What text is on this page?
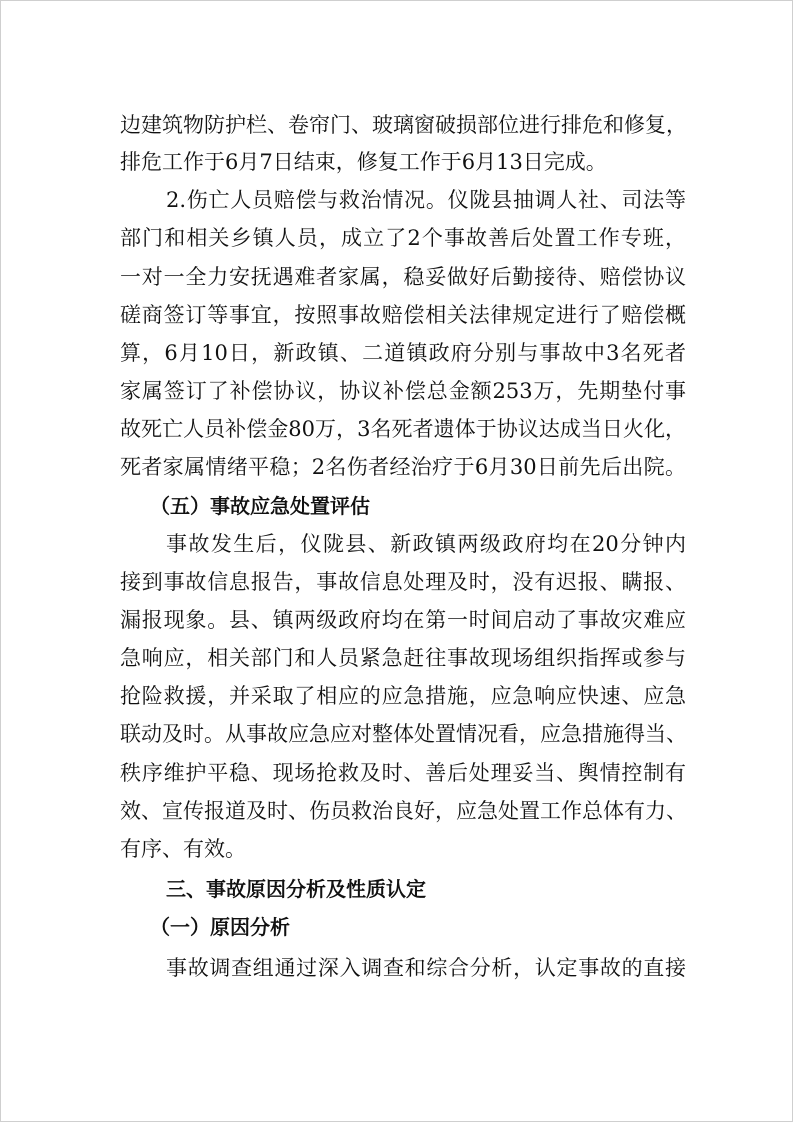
边建筑物防护栏、卷帘门、玻璃窗破损部位进行排危和修复，
排危工作于6月7日结束，修复工作于6月13日完成。
2.伤亡人员赔偿与救治情况。仪陇县抽调人社、司法等
部门和相关乡镇人员，成立了2个事故善后处置工作专班，
一对一全力安抚遇难者家属，稳妥做好后勤接待、赔偿协议
磋商签订等事宜，按照事故赔偿相关法律规定进行了赔偿概
算，6月10日，新政镇、二道镇政府分别与事故中3名死者
家属签订了补偿协议，协议补偿总金额253万，先期垫付事
故死亡人员补偿金80万，3名死者遗体于协议达成当日火化，
死者家属情绪平稳；2名伤者经治疗于6月30日前先后出院。
（五）事故应急处置评估
事故发生后，仪陇县、新政镇两级政府均在20分钟内
接到事故信息报告，事故信息处理及时，没有迟报、瞒报、
漏报现象。县、镇两级政府均在第一时间启动了事故灾难应
急响应，相关部门和人员紧急赶往事故现场组织指挥或参与
抢险救援，并采取了相应的应急措施，应急响应快速、应急
联动及时。从事故应急应对整体处置情况看，应急措施得当、
秩序维护平稳、现场抢救及时、善后处理妥当、舆情控制有
效、宣传报道及时、伤员救治良好，应急处置工作总体有力、
有序、有效。
三、事故原因分析及性质认定
（一）原因分析
事故调查组通过深入调查和综合分析，认定事故的直接
